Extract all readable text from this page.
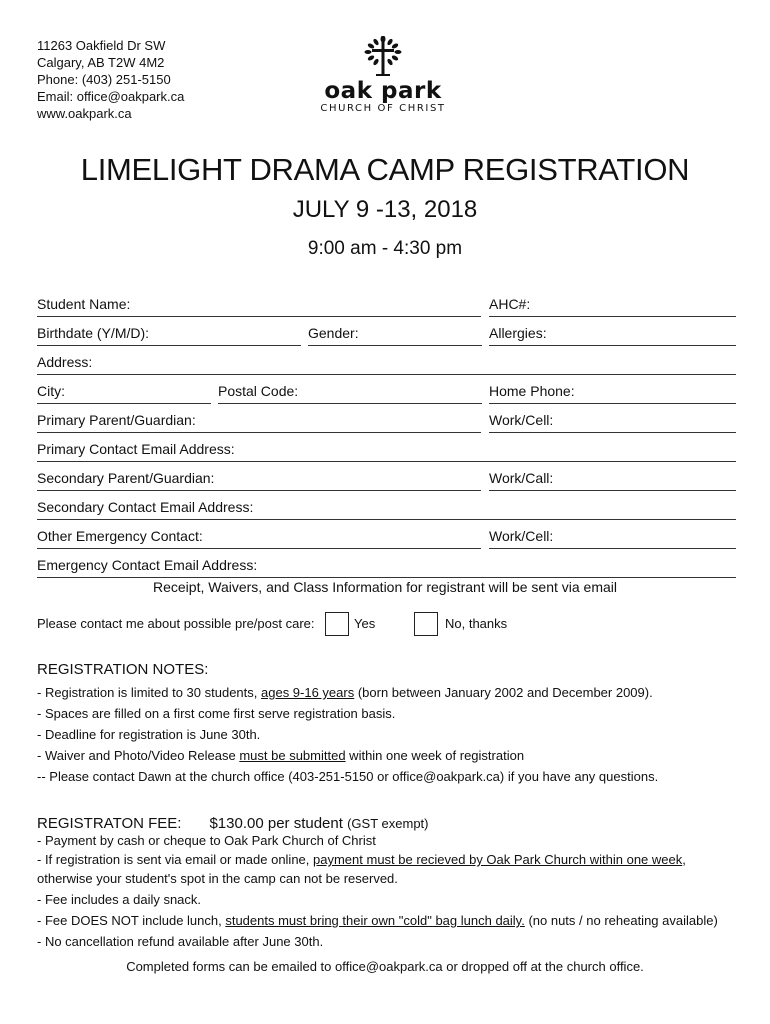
11263 Oakfield Dr SW
Calgary, AB T2W 4M2
Phone: (403) 251-5150
Email: office@oakpark.ca
www.oakpark.ca
oak park
CHURCH OF CHRIST
LIMELIGHT DRAMA CAMP REGISTRATION
JULY 9 -13, 2018
9:00 am - 4:30 pm
Student Name:	AHC#:
Birthdate (Y/M/D):	Gender:	Allergies:
Address:
City:	Postal Code:	Home Phone:
Primary Parent/Guardian:	Work/Cell:
Primary Contact Email Address:
Secondary Parent/Guardian:	Work/Call:
Secondary Contact Email Address:
Other Emergency Contact:	Work/Cell:
Emergency Contact Email Address:
Receipt, Waivers, and Class Information for registrant will be sent via email
Please contact me about possible pre/post care:	Yes	No, thanks
REGISTRATION NOTES:
- Registration is limited to 30 students, ages 9-16 years (born between January 2002 and December 2009).
- Spaces are filled on a first come first serve registration basis.
- Deadline for registration is June 30th.
- Waiver and Photo/Video Release must be submitted within one week of registration
-- Please contact Dawn at the church office (403-251-5150 or office@oakpark.ca) if you have any questions.
REGISTRATON FEE: $130.00 per student (GST exempt)
- Payment by cash or cheque to Oak Park Church of Christ
- If registration is sent via email or made online, payment must be recieved by Oak Park Church within one week,
otherwise your student's spot in the camp can not be reserved.
- Fee includes a daily snack.
- Fee DOES NOT include lunch, students must bring their own "cold" bag lunch daily. (no nuts / no reheating available)
- No cancellation refund available after June 30th.
Completed forms can be emailed to office@oakpark.ca or dropped off at the church office.
